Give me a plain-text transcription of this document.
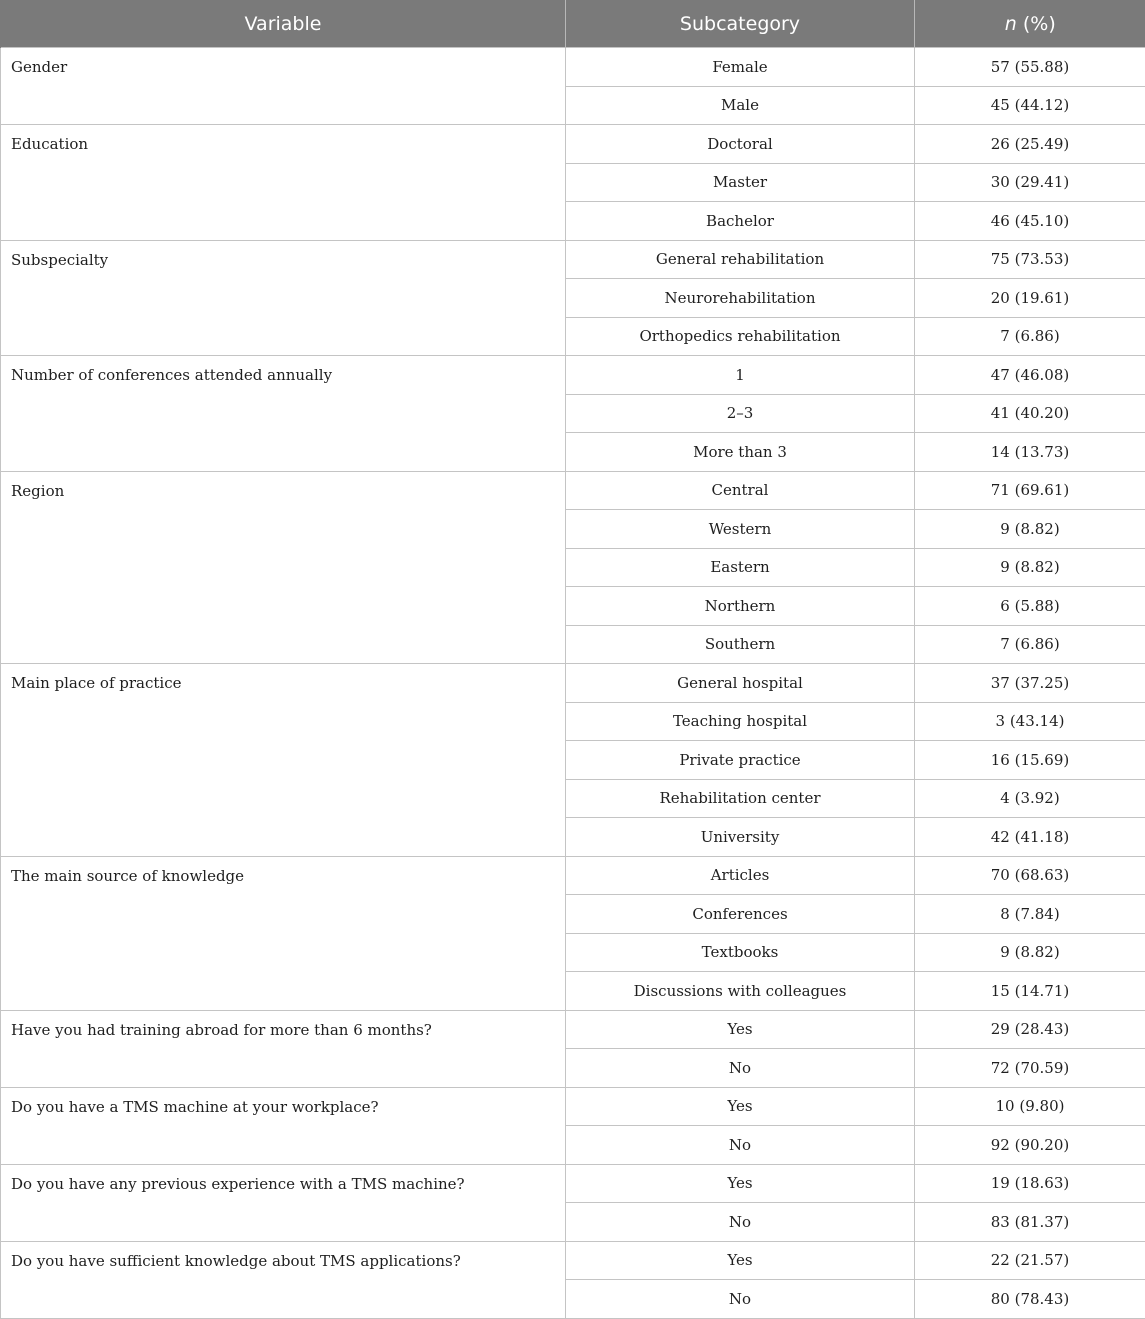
Variable	Subcategory	n (%)
Gender	Female	57 (55.88)
	Male	45 (44.12)
Education	Doctoral	26 (25.49)
	Master	30 (29.41)
	Bachelor	46 (45.10)
Subspecialty	General rehabilitation	75 (73.53)
	Neurorehabilitation	20 (19.61)
	Orthopedics rehabilitation	7 (6.86)
Number of conferences attended annually	1	47 (46.08)
	2–3	41 (40.20)
	More than 3	14 (13.73)
Region	Central	71 (69.61)
	Western	9 (8.82)
	Eastern	9 (8.82)
	Northern	6 (5.88)
	Southern	7 (6.86)
Main place of practice	General hospital	37 (37.25)
	Teaching hospital	3 (43.14)
	Private practice	16 (15.69)
	Rehabilitation center	4 (3.92)
	University	42 (41.18)
The main source of knowledge	Articles	70 (68.63)
	Conferences	8 (7.84)
	Textbooks	9 (8.82)
	Discussions with colleagues	15 (14.71)
Have you had training abroad for more than 6 months?	Yes	29 (28.43)
	No	72 (70.59)
Do you have a TMS machine at your workplace?	Yes	10 (9.80)
	No	92 (90.20)
Do you have any previous experience with a TMS machine?	Yes	19 (18.63)
	No	83 (81.37)
Do you have sufficient knowledge about TMS applications?	Yes	22 (21.57)
	No	80 (78.43)
